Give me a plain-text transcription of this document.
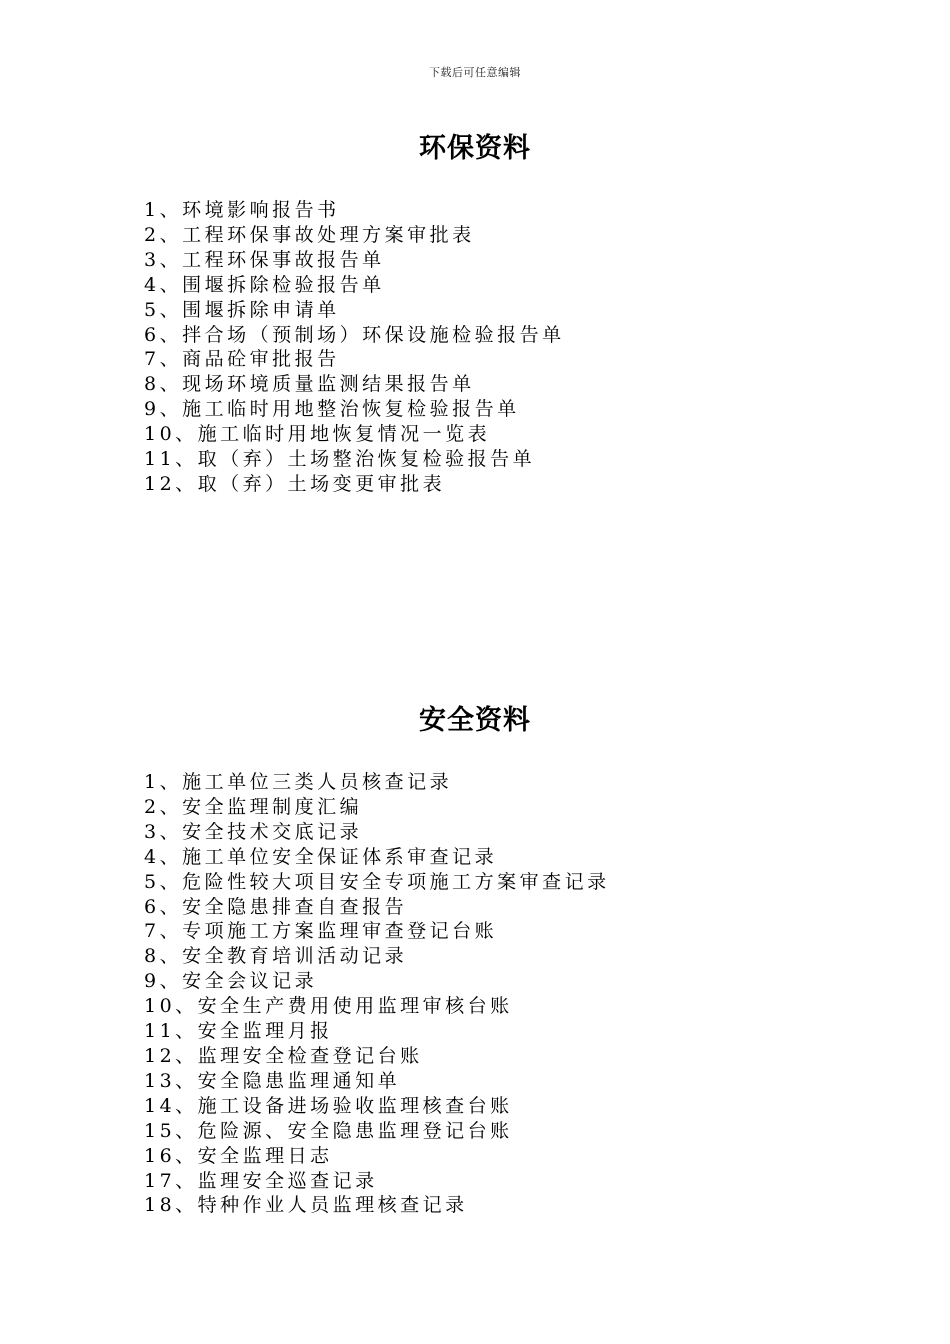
下载后可任意编辑
环保资料
1、环境影响报告书
2、工程环保事故处理方案审批表
3、工程环保事故报告单
4、围堰拆除检验报告单
5、围堰拆除申请单
6、拌合场（预制场）环保设施检验报告单
7、商品砼审批报告
8、现场环境质量监测结果报告单
9、施工临时用地整治恢复检验报告单
10、施工临时用地恢复情况一览表
11、取（弃）土场整治恢复检验报告单
12、取（弃）土场变更审批表
安全资料
1、施工单位三类人员核查记录
2、安全监理制度汇编
3、安全技术交底记录
4、施工单位安全保证体系审查记录
5、危险性较大项目安全专项施工方案审查记录
6、安全隐患排查自查报告
7、专项施工方案监理审查登记台账
8、安全教育培训活动记录
9、安全会议记录
10、安全生产费用使用监理审核台账
11、安全监理月报
12、监理安全检查登记台账
13、安全隐患监理通知单
14、施工设备进场验收监理核查台账
15、危险源、安全隐患监理登记台账
16、安全监理日志
17、监理安全巡查记录
18、特种作业人员监理核查记录
